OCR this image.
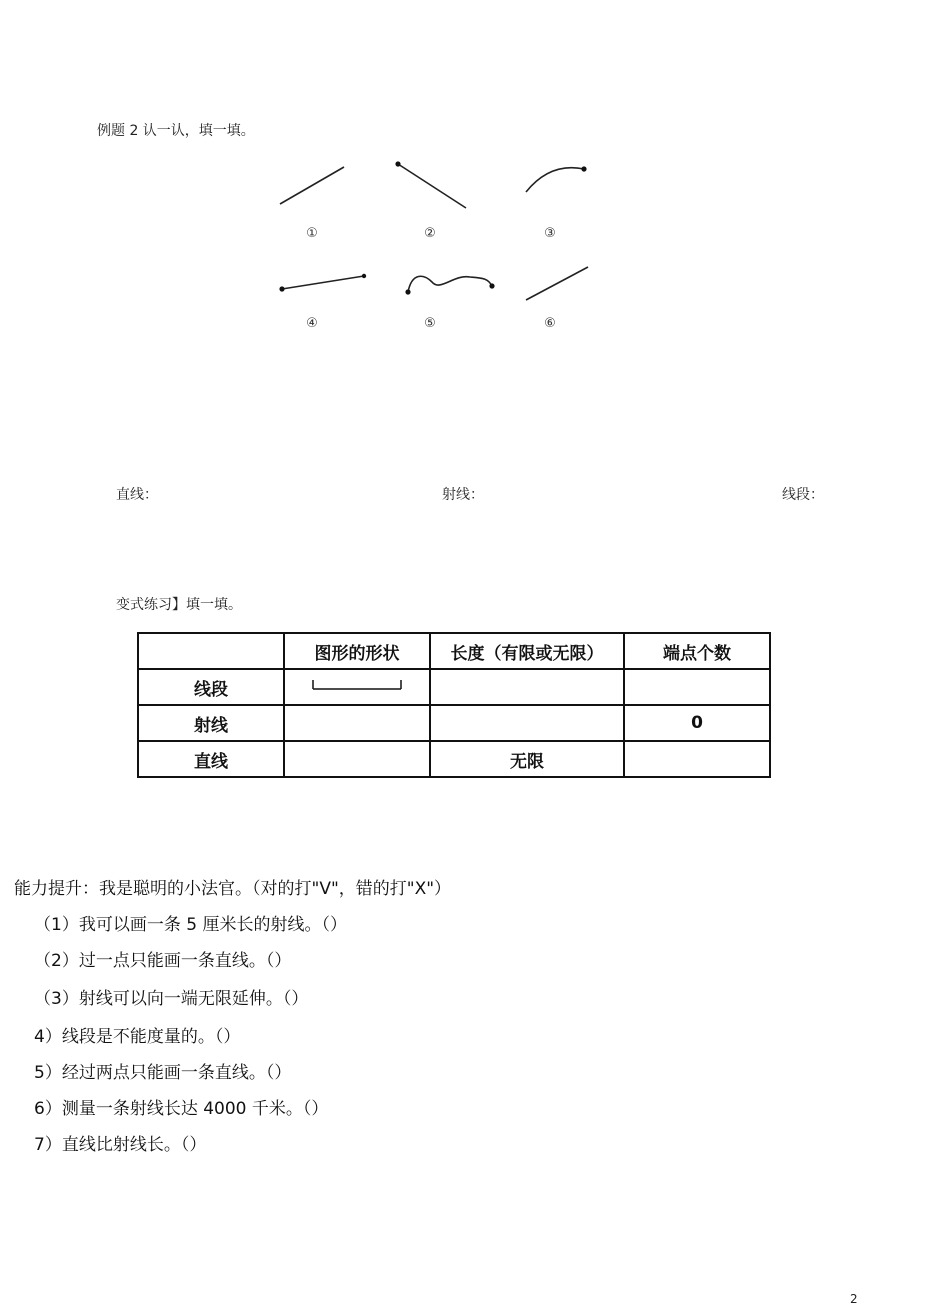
例题 2 认一认，填一填。
①	②	③
④	⑤	⑥
直线：	射线：	线段：
变式练习】填一填。
	图形的形状	长度（有限或无限）	端点个数
线段			
射线			0
直线		无限	
能力提升：我是聪明的小法官。（对的打"V"，错的打"X"）
（1）我可以画一条 5 厘米长的射线。（）
（2）过一点只能画一条直线。（）
（3）射线可以向一端无限延伸。（）
4）线段是不能度量的。（）
5）经过两点只能画一条直线。（）
6）测量一条射线长达 4000 千米。（）
7）直线比射线长。（）
2
